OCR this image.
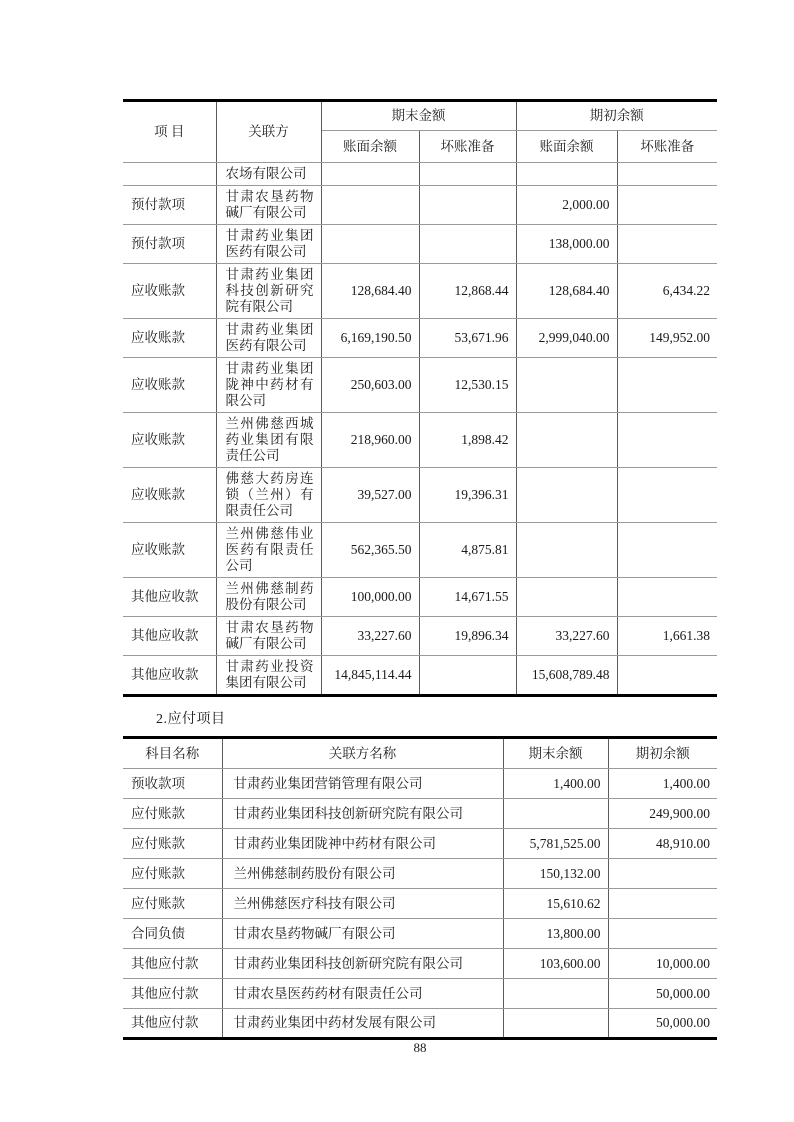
项 目	关联方	期末金额		期初余额	
		账面余额	坏账准备	账面余额	坏账准备
	农场有限公司				
预付款项	甘肃农垦药物碱厂有限公司			2,000.00	
预付款项	甘肃药业集团医药有限公司			138,000.00	
应收账款	甘肃药业集团科技创新研究院有限公司	128,684.40	12,868.44	128,684.40	6,434.22
应收账款	甘肃药业集团医药有限公司	6,169,190.50	53,671.96	2,999,040.00	149,952.00
应收账款	甘肃药业集团陇神中药材有限公司	250,603.00	12,530.15		
应收账款	兰州佛慈西城药业集团有限责任公司	218,960.00	1,898.42		
应收账款	佛慈大药房连锁（兰州）有限责任公司	39,527.00	19,396.31		
应收账款	兰州佛慈伟业医药有限责任公司	562,365.50	4,875.81		
其他应收款	兰州佛慈制药股份有限公司	100,000.00	14,671.55		
其他应收款	甘肃农垦药物碱厂有限公司	33,227.60	19,896.34	33,227.60	1,661.38
其他应收款	甘肃药业投资集团有限公司	14,845,114.44		15,608,789.48	
2.应付项目
科目名称	关联方名称	期末余额	期初余额
预收款项	甘肃药业集团营销管理有限公司	1,400.00	1,400.00
应付账款	甘肃药业集团科技创新研究院有限公司		249,900.00
应付账款	甘肃药业集团陇神中药材有限公司	5,781,525.00	48,910.00
应付账款	兰州佛慈制药股份有限公司	150,132.00	
应付账款	兰州佛慈医疗科技有限公司	15,610.62	
合同负债	甘肃农垦药物碱厂有限公司	13,800.00	
其他应付款	甘肃药业集团科技创新研究院有限公司	103,600.00	10,000.00
其他应付款	甘肃农垦医药药材有限责任公司		50,000.00
其他应付款	甘肃药业集团中药材发展有限公司		50,000.00
88
